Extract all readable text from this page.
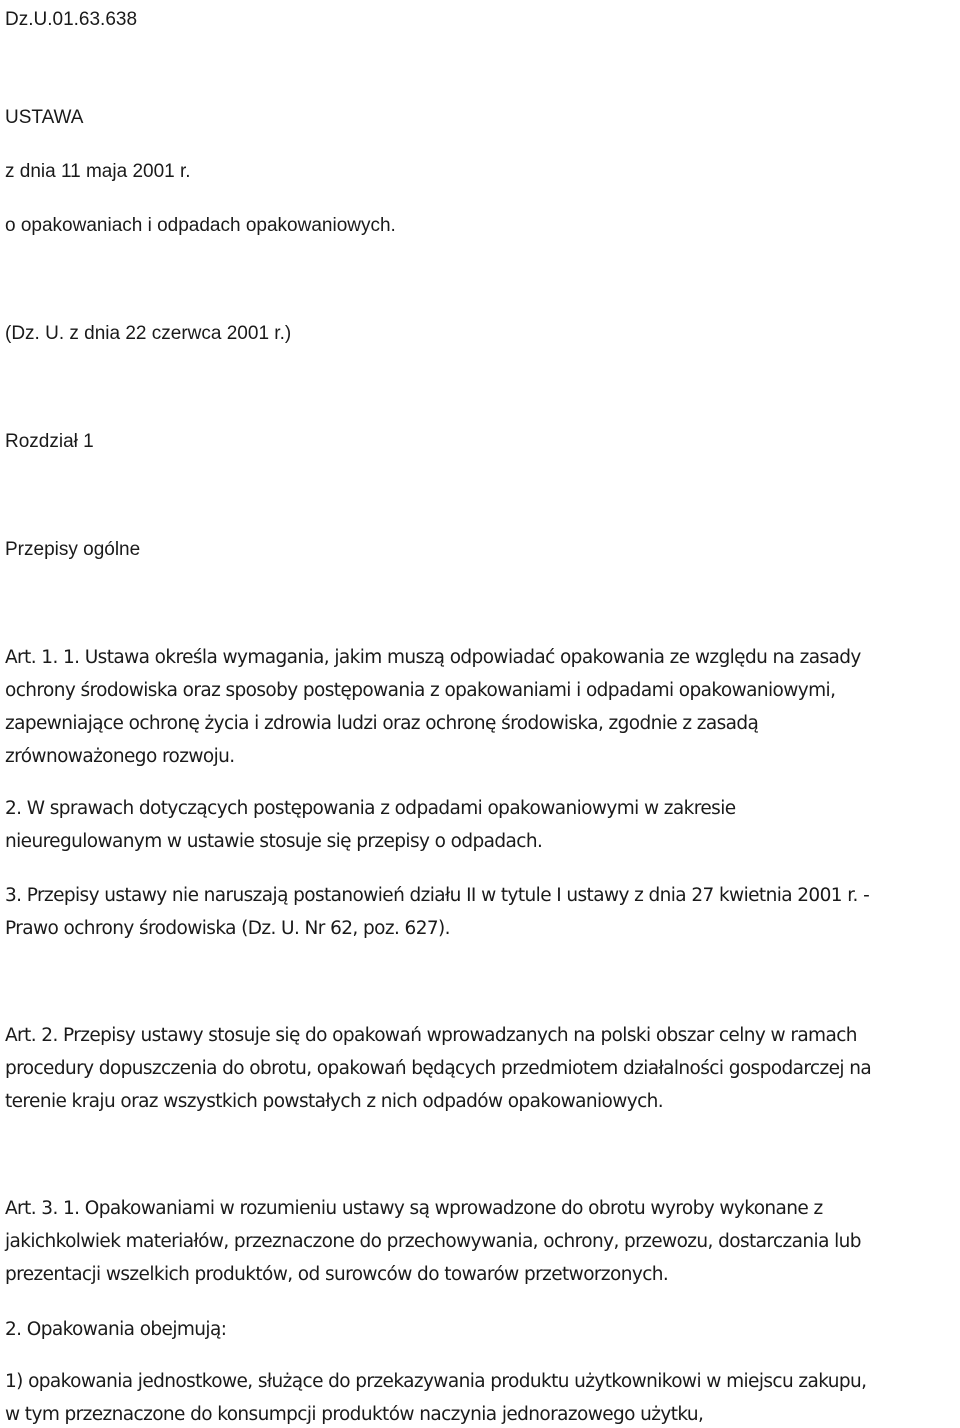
Dz.U.01.63.638

USTAWA

z dnia 11 maja 2001 r.

o opakowaniach i odpadach opakowaniowych.

(Dz. U. z dnia 22 czerwca 2001 r.)

Rozdział 1

Przepisy ogólne

Art. 1. 1. Ustawa określa wymagania, jakim muszą odpowiadać opakowania ze względu na zasady

ochrony środowiska oraz sposoby postępowania z opakowaniami i odpadami opakowaniowymi,

zapewniające ochronę życia i zdrowia ludzi oraz ochronę środowiska, zgodnie z zasadą

zrównoważonego rozwoju.

2. W sprawach dotyczących postępowania z odpadami opakowaniowymi w zakresie

nieuregulowanym w ustawie stosuje się przepisy o odpadach.

3. Przepisy ustawy nie naruszają postanowień działu II w tytule I ustawy z dnia 27 kwietnia 2001 r. -

Prawo ochrony środowiska (Dz. U. Nr 62, poz. 627).

Art. 2. Przepisy ustawy stosuje się do opakowań wprowadzanych na polski obszar celny w ramach

procedury dopuszczenia do obrotu, opakowań będących przedmiotem działalności gospodarczej na

terenie kraju oraz wszystkich powstałych z nich odpadów opakowaniowych.

Art. 3. 1. Opakowaniami w rozumieniu ustawy są wprowadzone do obrotu wyroby wykonane z

jakichkolwiek materiałów, przeznaczone do przechowywania, ochrony, przewozu, dostarczania lub

prezentacji wszelkich produktów, od surowców do towarów przetworzonych.

2. Opakowania obejmują:

1) opakowania jednostkowe, służące do przekazywania produktu użytkownikowi w miejscu zakupu,

w tym przeznaczone do konsumpcji produktów naczynia jednorazowego użytku,
